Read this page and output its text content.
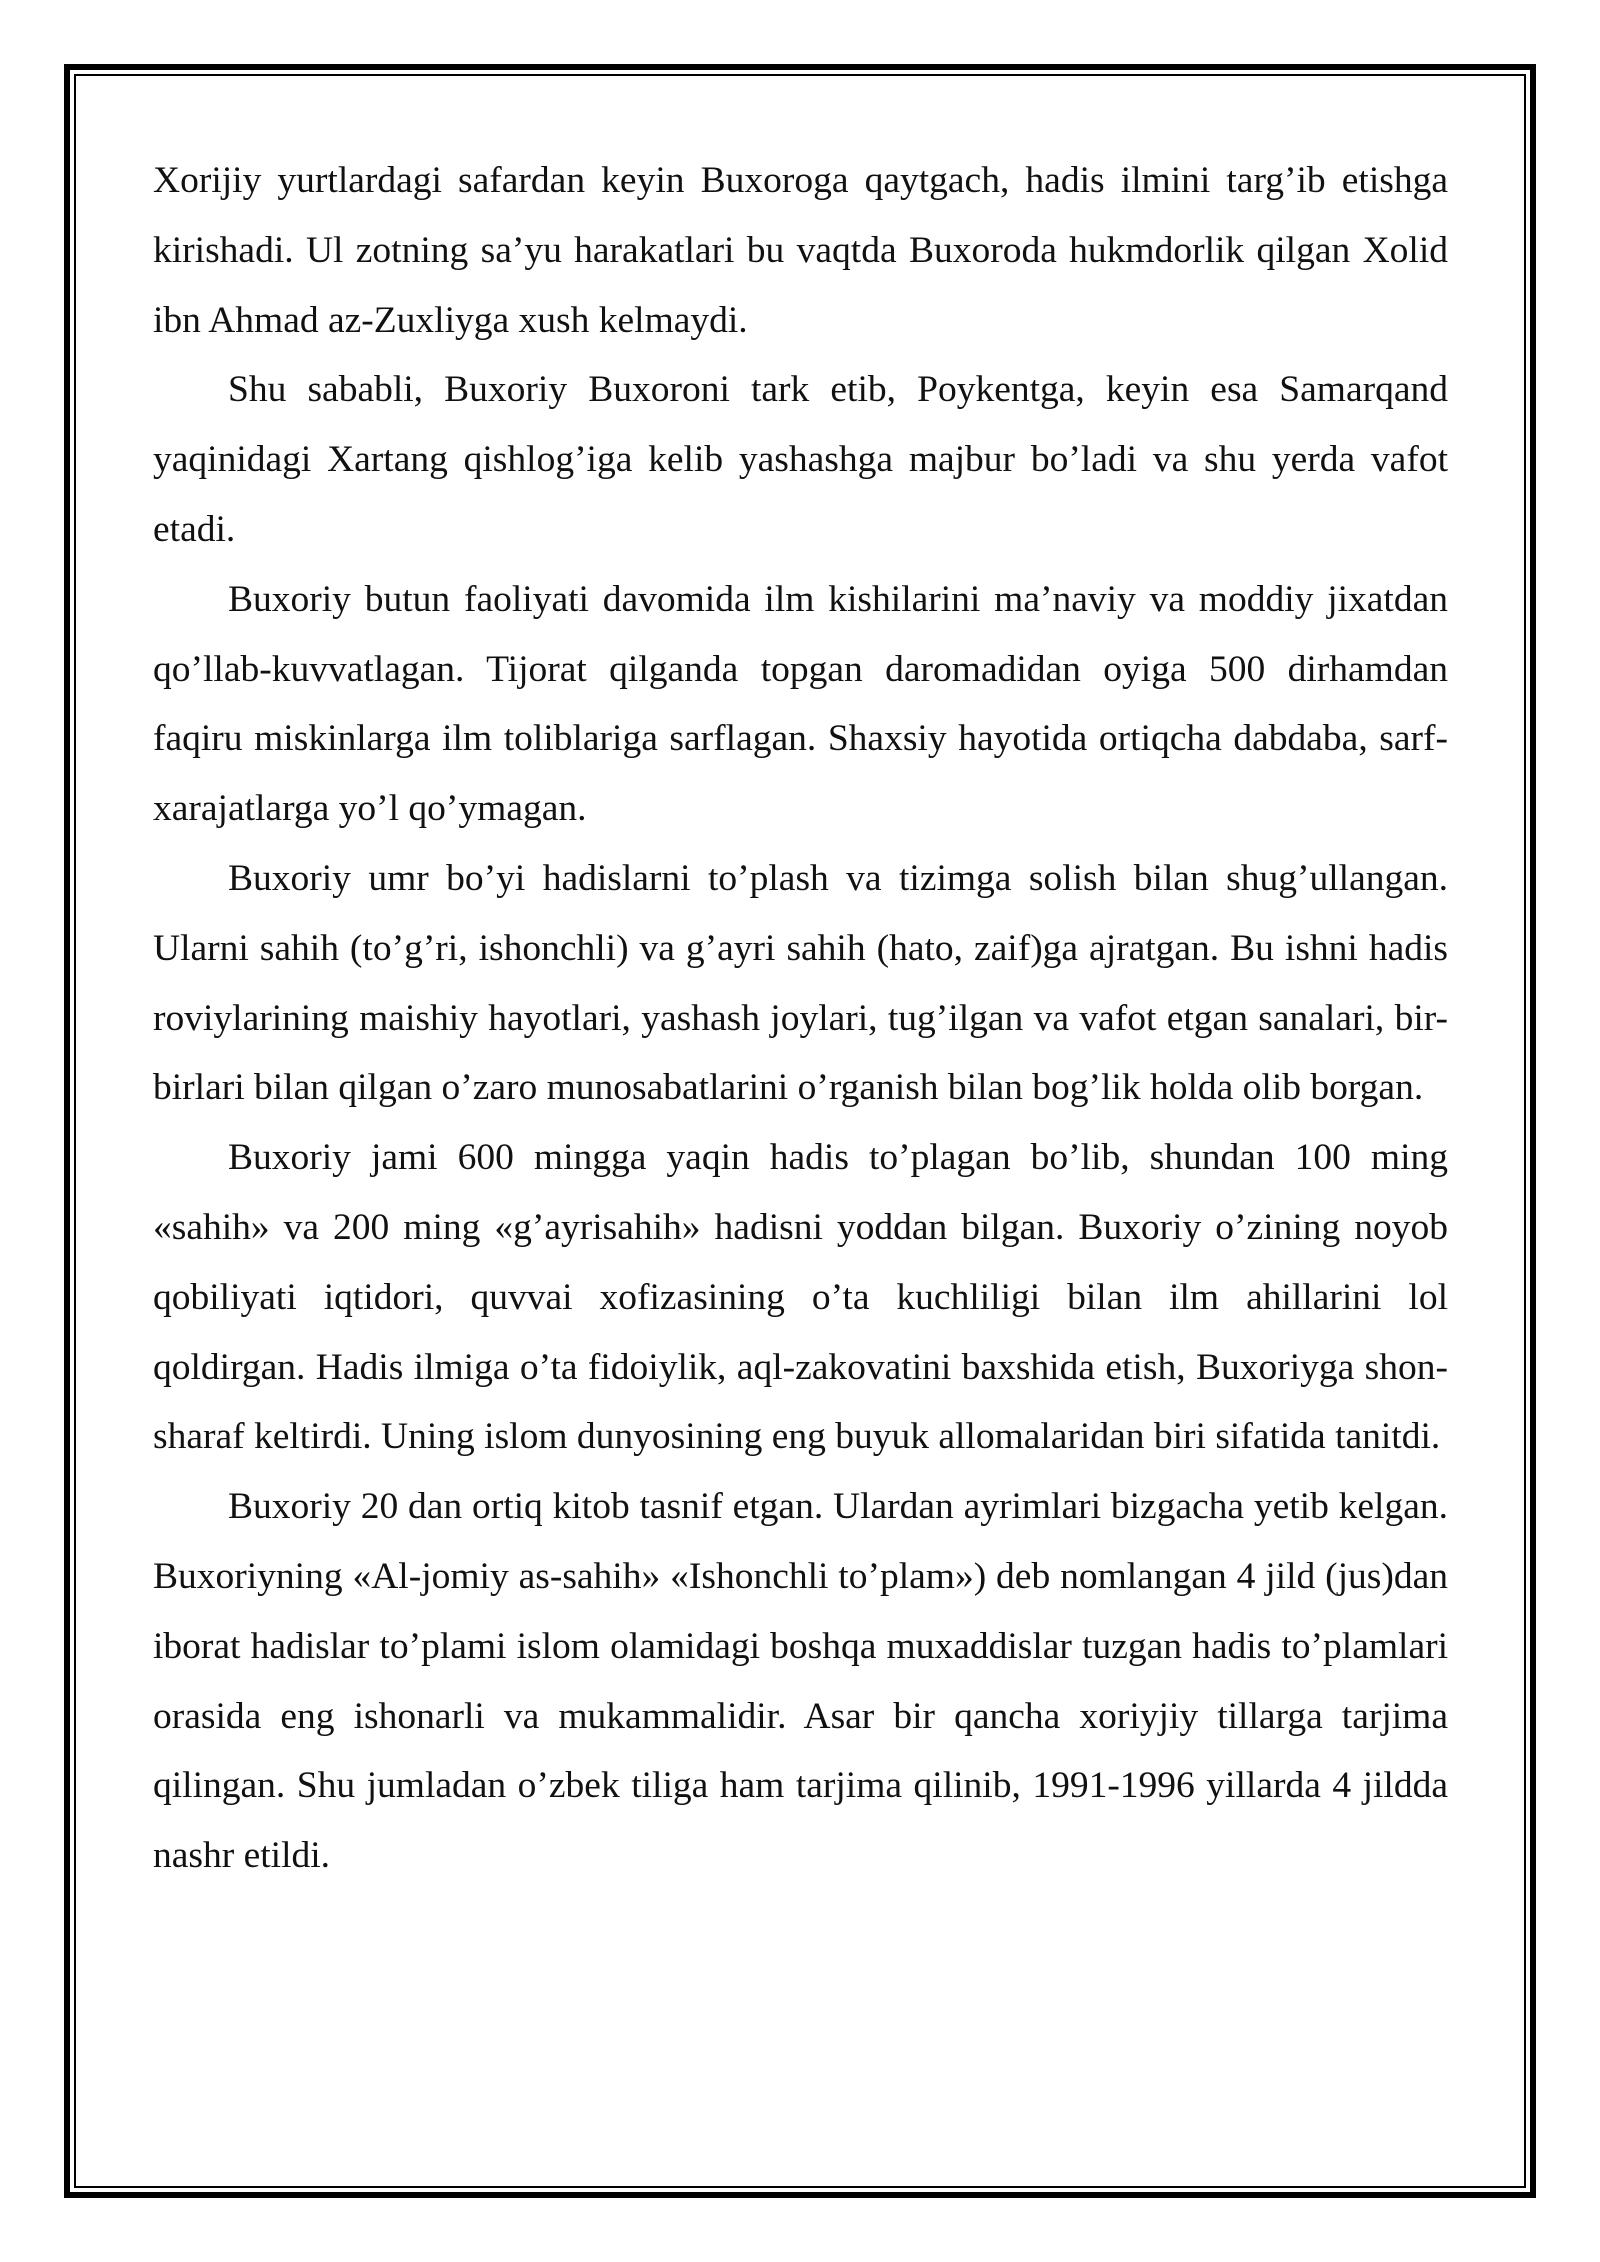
Xorijiy yurtlardagi safardan keyin Buxoroga qaytgach, hadis ilmini targ’ib etishga kirishadi. Ul zotning sa’yu harakatlari bu vaqtda Buxoroda hukmdorlik qilgan Xolid ibn Ahmad az-Zuxliyga xush kelmaydi.

Shu sababli, Buxoriy Buxoroni tark etib, Poykentga, keyin esa Samarqand yaqinidagi Xartang qishlog’iga kelib yashashga majbur bo’ladi va shu yerda vafot etadi.

Buxoriy butun faoliyati davomida ilm kishilarini ma’naviy va moddiy jixatdan qo’llab-kuvvatlagan. Tijorat qilganda topgan daromadidan oyiga 500 dirhamdan faqiru miskinlarga ilm toliblariga sarflagan. Shaxsiy hayotida ortiqcha dabdaba, sarf-xarajatlarga yo’l qo’ymagan.

Buxoriy umr bo’yi hadislarni to’plash va tizimga solish bilan shug’ullangan. Ularni sahih (to’g’ri, ishonchli) va g’ayri sahih (hato, zaif)ga ajratgan. Bu ishni hadis roviylarining maishiy hayotlari, yashash joylari, tug’ilgan va vafot etgan sanalari, bir-birlari bilan qilgan o’zaro munosabatlarini o’rganish bilan bog’lik holda olib borgan.

Buxoriy jami 600 mingga yaqin hadis to’plagan bo’lib, shundan 100 ming «sahih» va 200 ming «g’ayrisahih» hadisni yoddan bilgan. Buxoriy o’zining noyob qobiliyati iqtidori, quvvai xofizasining o’ta kuchliligi bilan ilm ahillarini lol qoldirgan. Hadis ilmiga o’ta fidoiylik, aql-zakovatini baxshida etish, Buxoriyga shon-sharaf keltirdi. Uning islom dunyosining eng buyuk allomalaridan biri sifatida tanitdi.

Buxoriy 20 dan ortiq kitob tasnif etgan. Ulardan ayrimlari bizgacha yetib kelgan. Buxoriyning «Al-jomiy as-sahih» «Ishonchli to’plam») deb nomlangan 4 jild (jus)dan iborat hadislar to’plami islom olamidagi boshqa muxaddislar tuzgan hadis to’plamlari orasida eng ishonarli va mukammalidir. Asar bir qancha xoriyjiy tillarga tarjima qilingan. Shu jumladan o’zbek tiliga ham tarjima qilinib, 1991-1996 yillarda 4 jildda nashr etildi.
